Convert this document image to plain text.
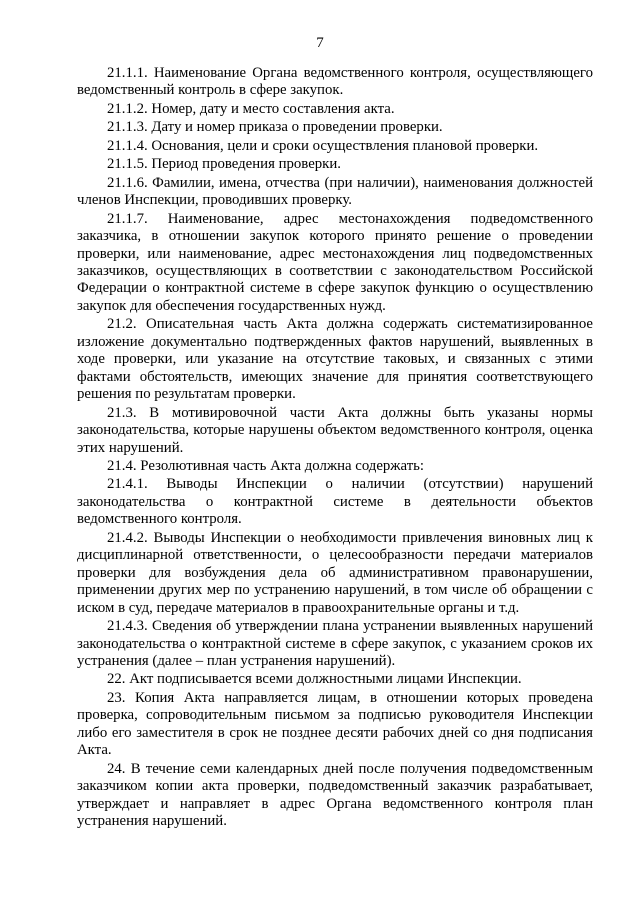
7

21.1.1. Наименование Органа ведомственного контроля, осуществляющего ведомственный контроль в сфере закупок.

21.1.2. Номер, дату и место составления акта.

21.1.3. Дату и номер приказа о проведении проверки.

21.1.4. Основания, цели и сроки осуществления плановой проверки.

21.1.5. Период проведения проверки.

21.1.6. Фамилии, имена, отчества (при наличии), наименования должностей членов Инспекции, проводивших проверку.

21.1.7. Наименование, адрес местонахождения подведомственного заказчика, в отношении закупок которого принято решение о проведении проверки, или наименование, адрес местонахождения лиц подведомственных заказчиков, осуществляющих в соответствии с законодательством Российской Федерации о контрактной системе в сфере закупок функцию о осуществлению закупок для обеспечения государственных нужд.

21.2. Описательная часть Акта должна содержать систематизированное изложение документально подтвержденных фактов нарушений, выявленных в ходе проверки, или указание на отсутствие таковых, и связанных с этими фактами обстоятельств, имеющих значение для принятия соответствующего решения по результатам проверки.

21.3. В мотивировочной части Акта должны быть указаны нормы законодательства, которые нарушены объектом ведомственного контроля, оценка этих нарушений.

21.4. Резолютивная часть Акта должна содержать:

21.4.1. Выводы Инспекции о наличии (отсутствии) нарушений законодательства о контрактной системе в деятельности объектов ведомственного контроля.

21.4.2. Выводы Инспекции о необходимости привлечения виновных лиц к дисциплинарной ответственности, о целесообразности передачи материалов проверки для возбуждения дела об административном правонарушении, применении других мер по устранению нарушений, в том числе об обращении с иском в суд, передаче материалов в правоохранительные органы и т.д.

21.4.3. Сведения об утверждении плана устранении выявленных нарушений законодательства о контрактной системе в сфере закупок, с указанием сроков их устранения (далее – план устранения нарушений).

22. Акт подписывается всеми должностными лицами Инспекции.

23. Копия Акта направляется лицам, в отношении которых проведена проверка, сопроводительным письмом за подписью руководителя Инспекции либо его заместителя в срок не позднее десяти рабочих дней со дня подписания Акта.

24. В течение семи календарных дней после получения подведомственным заказчиком копии акта проверки, подведомственный заказчик разрабатывает, утверждает и направляет в адрес Органа ведомственного контроля план устранения нарушений.
